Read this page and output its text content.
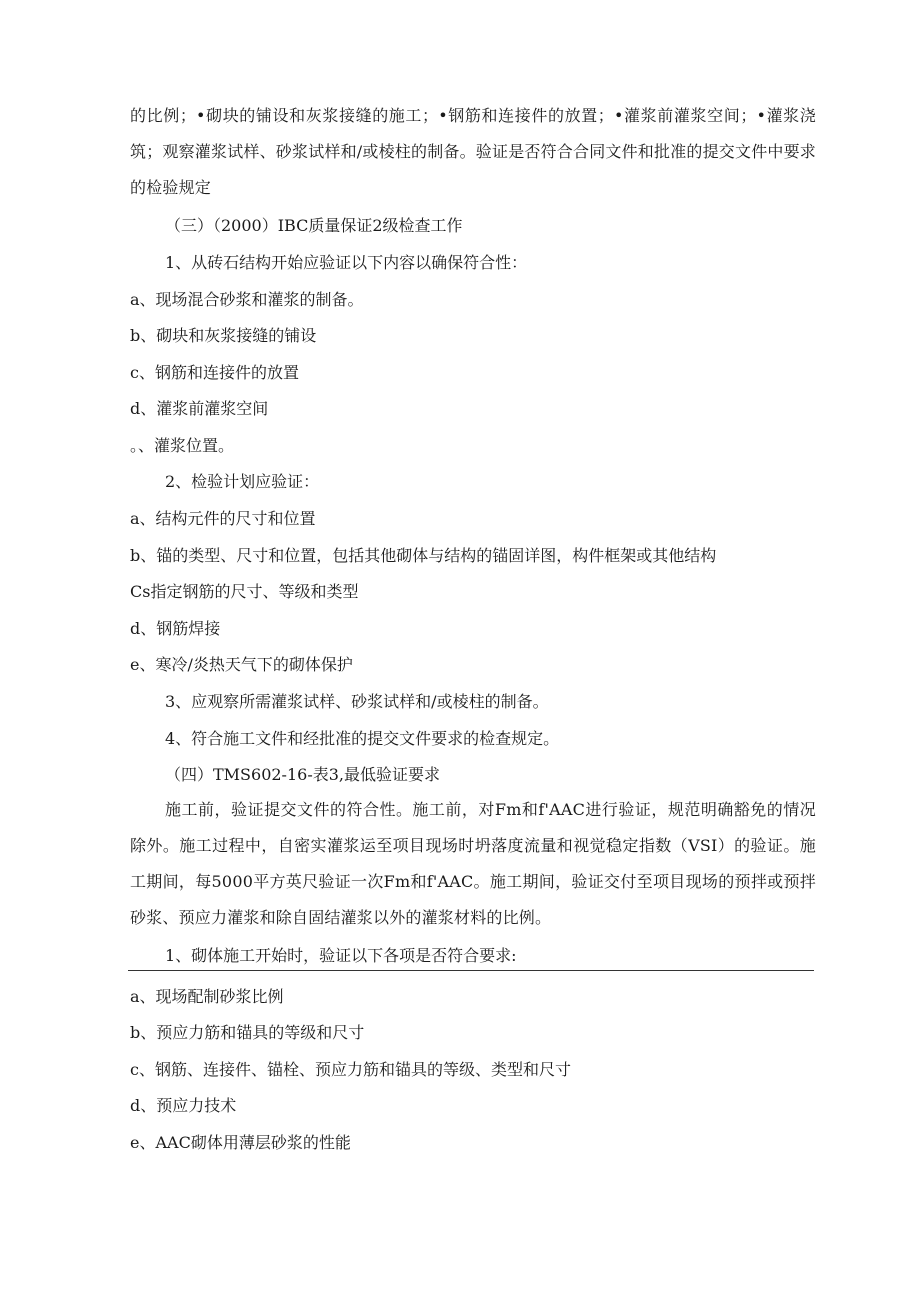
的比例；•砌块的铺设和灰浆接缝的施工；•钢筋和连接件的放置；•灌浆前灌浆空间；•灌浆浇筑；观察灌浆试样、砂浆试样和/或棱柱的制备。验证是否符合合同文件和批准的提交文件中要求的检验规定

（三）（2000）IBC质量保证2级检查工作

1、从砖石结构开始应验证以下内容以确保符合性：

a、现场混合砂浆和灌浆的制备。

b、砌块和灰浆接缝的铺设

c、钢筋和连接件的放置

d、灌浆前灌浆空间

。、灌浆位置。

2、检验计划应验证：

a、结构元件的尺寸和位置

b、锚的类型、尺寸和位置，包括其他砌体与结构的锚固详图，构件框架或其他结构

Cs指定钢筋的尺寸、等级和类型

d、钢筋焊接

e、寒冷/炎热天气下的砌体保护

3、应观察所需灌浆试样、砂浆试样和/或棱柱的制备。

4、符合施工文件和经批准的提交文件要求的检查规定。

（四）TMS602-16-表3,最低验证要求

施工前，验证提交文件的符合性。施工前，对Fm和f'AAC进行验证，规范明确豁免的情况除外。施工过程中，自密实灌浆运至项目现场时坍落度流量和视觉稳定指数（VSI）的验证。施工期间，每5000平方英尺验证一次Fm和f'AAC。施工期间，验证交付至项目现场的预拌或预拌砂浆、预应力灌浆和除自固结灌浆以外的灌浆材料的比例。

1、砌体施工开始时，验证以下各项是否符合要求:

a、现场配制砂浆比例

b、预应力筋和锚具的等级和尺寸

c、钢筋、连接件、锚栓、预应力筋和锚具的等级、类型和尺寸

d、预应力技术

e、AAC砌体用薄层砂浆的性能
